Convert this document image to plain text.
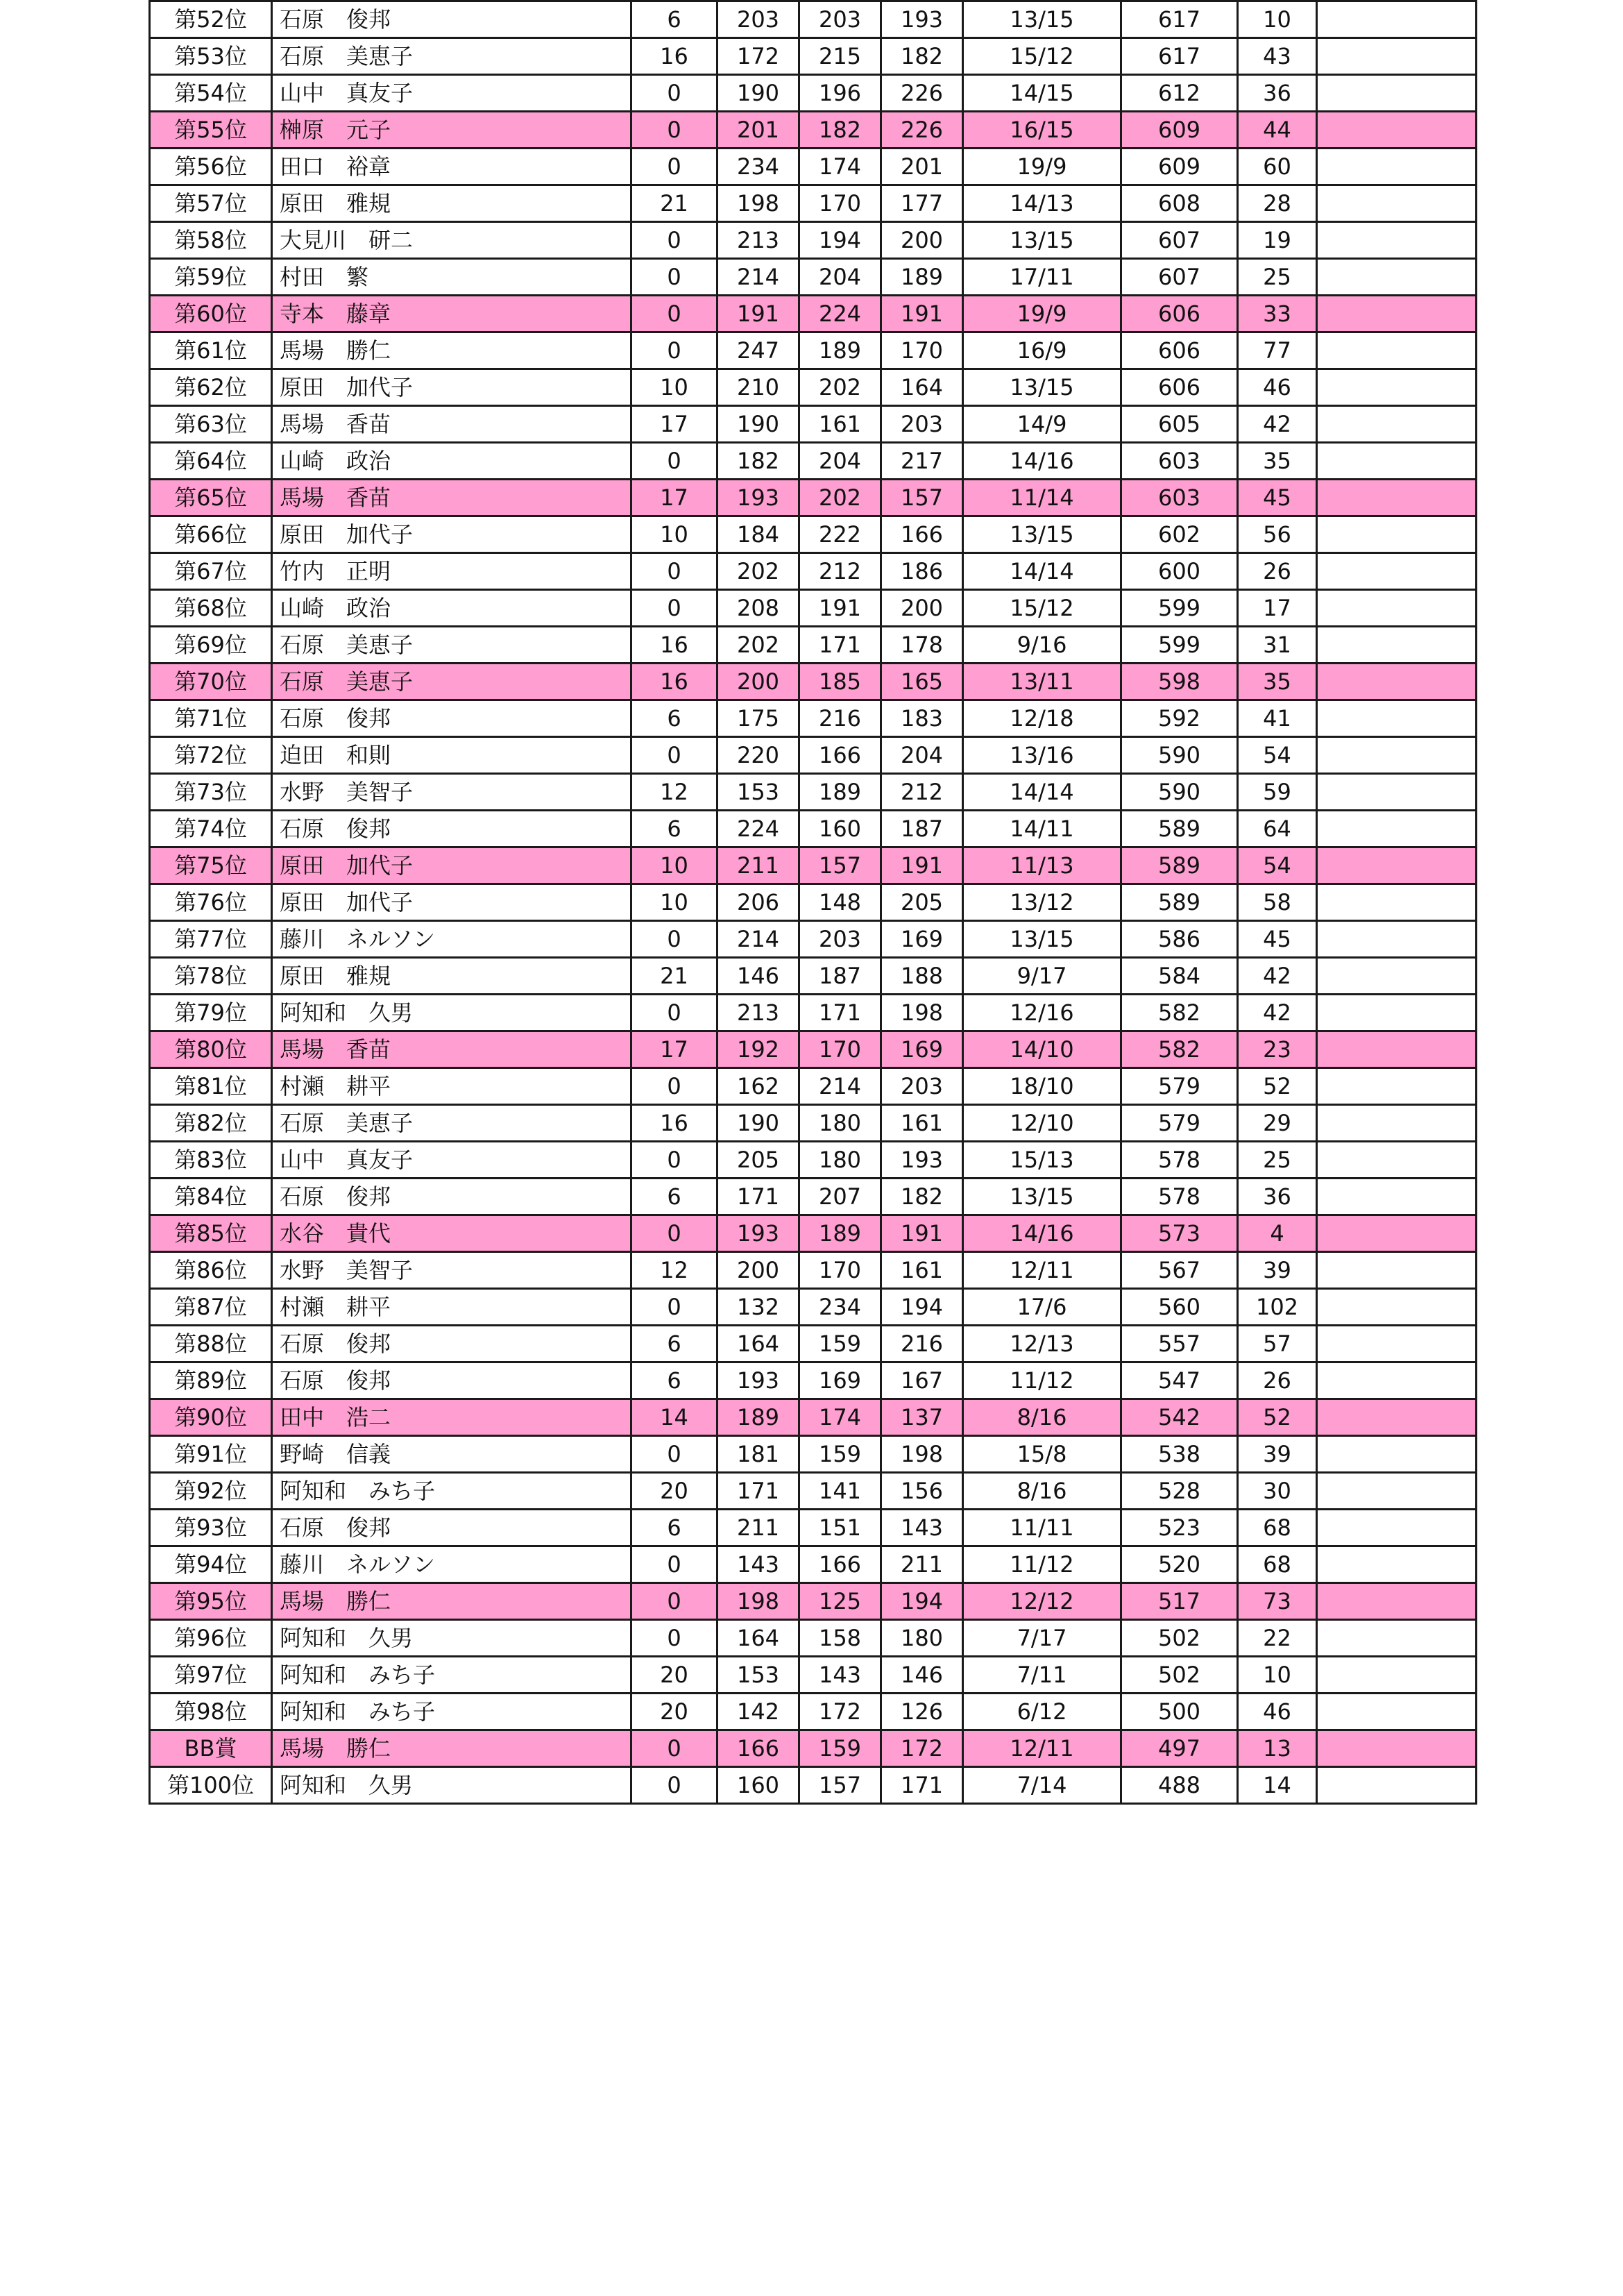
第52位	石原　俊邦	6	203	203	193	13/15	617	10	
第53位	石原　美恵子	16	172	215	182	15/12	617	43	
第54位	山中　真友子	0	190	196	226	14/15	612	36	
第55位	榊原　元子	0	201	182	226	16/15	609	44	
第56位	田口　裕章	0	234	174	201	19/9	609	60	
第57位	原田　雅規	21	198	170	177	14/13	608	28	
第58位	大見川　研二	0	213	194	200	13/15	607	19	
第59位	村田　繁	0	214	204	189	17/11	607	25	
第60位	寺本　藤章	0	191	224	191	19/9	606	33	
第61位	馬場　勝仁	0	247	189	170	16/9	606	77	
第62位	原田　加代子	10	210	202	164	13/15	606	46	
第63位	馬場　香苗	17	190	161	203	14/9	605	42	
第64位	山崎　政治	0	182	204	217	14/16	603	35	
第65位	馬場　香苗	17	193	202	157	11/14	603	45	
第66位	原田　加代子	10	184	222	166	13/15	602	56	
第67位	竹内　正明	0	202	212	186	14/14	600	26	
第68位	山崎　政治	0	208	191	200	15/12	599	17	
第69位	石原　美恵子	16	202	171	178	9/16	599	31	
第70位	石原　美恵子	16	200	185	165	13/11	598	35	
第71位	石原　俊邦	6	175	216	183	12/18	592	41	
第72位	迫田　和則	0	220	166	204	13/16	590	54	
第73位	水野　美智子	12	153	189	212	14/14	590	59	
第74位	石原　俊邦	6	224	160	187	14/11	589	64	
第75位	原田　加代子	10	211	157	191	11/13	589	54	
第76位	原田　加代子	10	206	148	205	13/12	589	58	
第77位	藤川　ネルソン	0	214	203	169	13/15	586	45	
第78位	原田　雅規	21	146	187	188	9/17	584	42	
第79位	阿知和　久男	0	213	171	198	12/16	582	42	
第80位	馬場　香苗	17	192	170	169	14/10	582	23	
第81位	村瀬　耕平	0	162	214	203	18/10	579	52	
第82位	石原　美恵子	16	190	180	161	12/10	579	29	
第83位	山中　真友子	0	205	180	193	15/13	578	25	
第84位	石原　俊邦	6	171	207	182	13/15	578	36	
第85位	水谷　貴代	0	193	189	191	14/16	573	4	
第86位	水野　美智子	12	200	170	161	12/11	567	39	
第87位	村瀬　耕平	0	132	234	194	17/6	560	102	
第88位	石原　俊邦	6	164	159	216	12/13	557	57	
第89位	石原　俊邦	6	193	169	167	11/12	547	26	
第90位	田中　浩二	14	189	174	137	8/16	542	52	
第91位	野崎　信義	0	181	159	198	15/8	538	39	
第92位	阿知和　みち子	20	171	141	156	8/16	528	30	
第93位	石原　俊邦	6	211	151	143	11/11	523	68	
第94位	藤川　ネルソン	0	143	166	211	11/12	520	68	
第95位	馬場　勝仁	0	198	125	194	12/12	517	73	
第96位	阿知和　久男	0	164	158	180	7/17	502	22	
第97位	阿知和　みち子	20	153	143	146	7/11	502	10	
第98位	阿知和　みち子	20	142	172	126	6/12	500	46	
BB賞	馬場　勝仁	0	166	159	172	12/11	497	13	
第100位	阿知和　久男	0	160	157	171	7/14	488	14	
